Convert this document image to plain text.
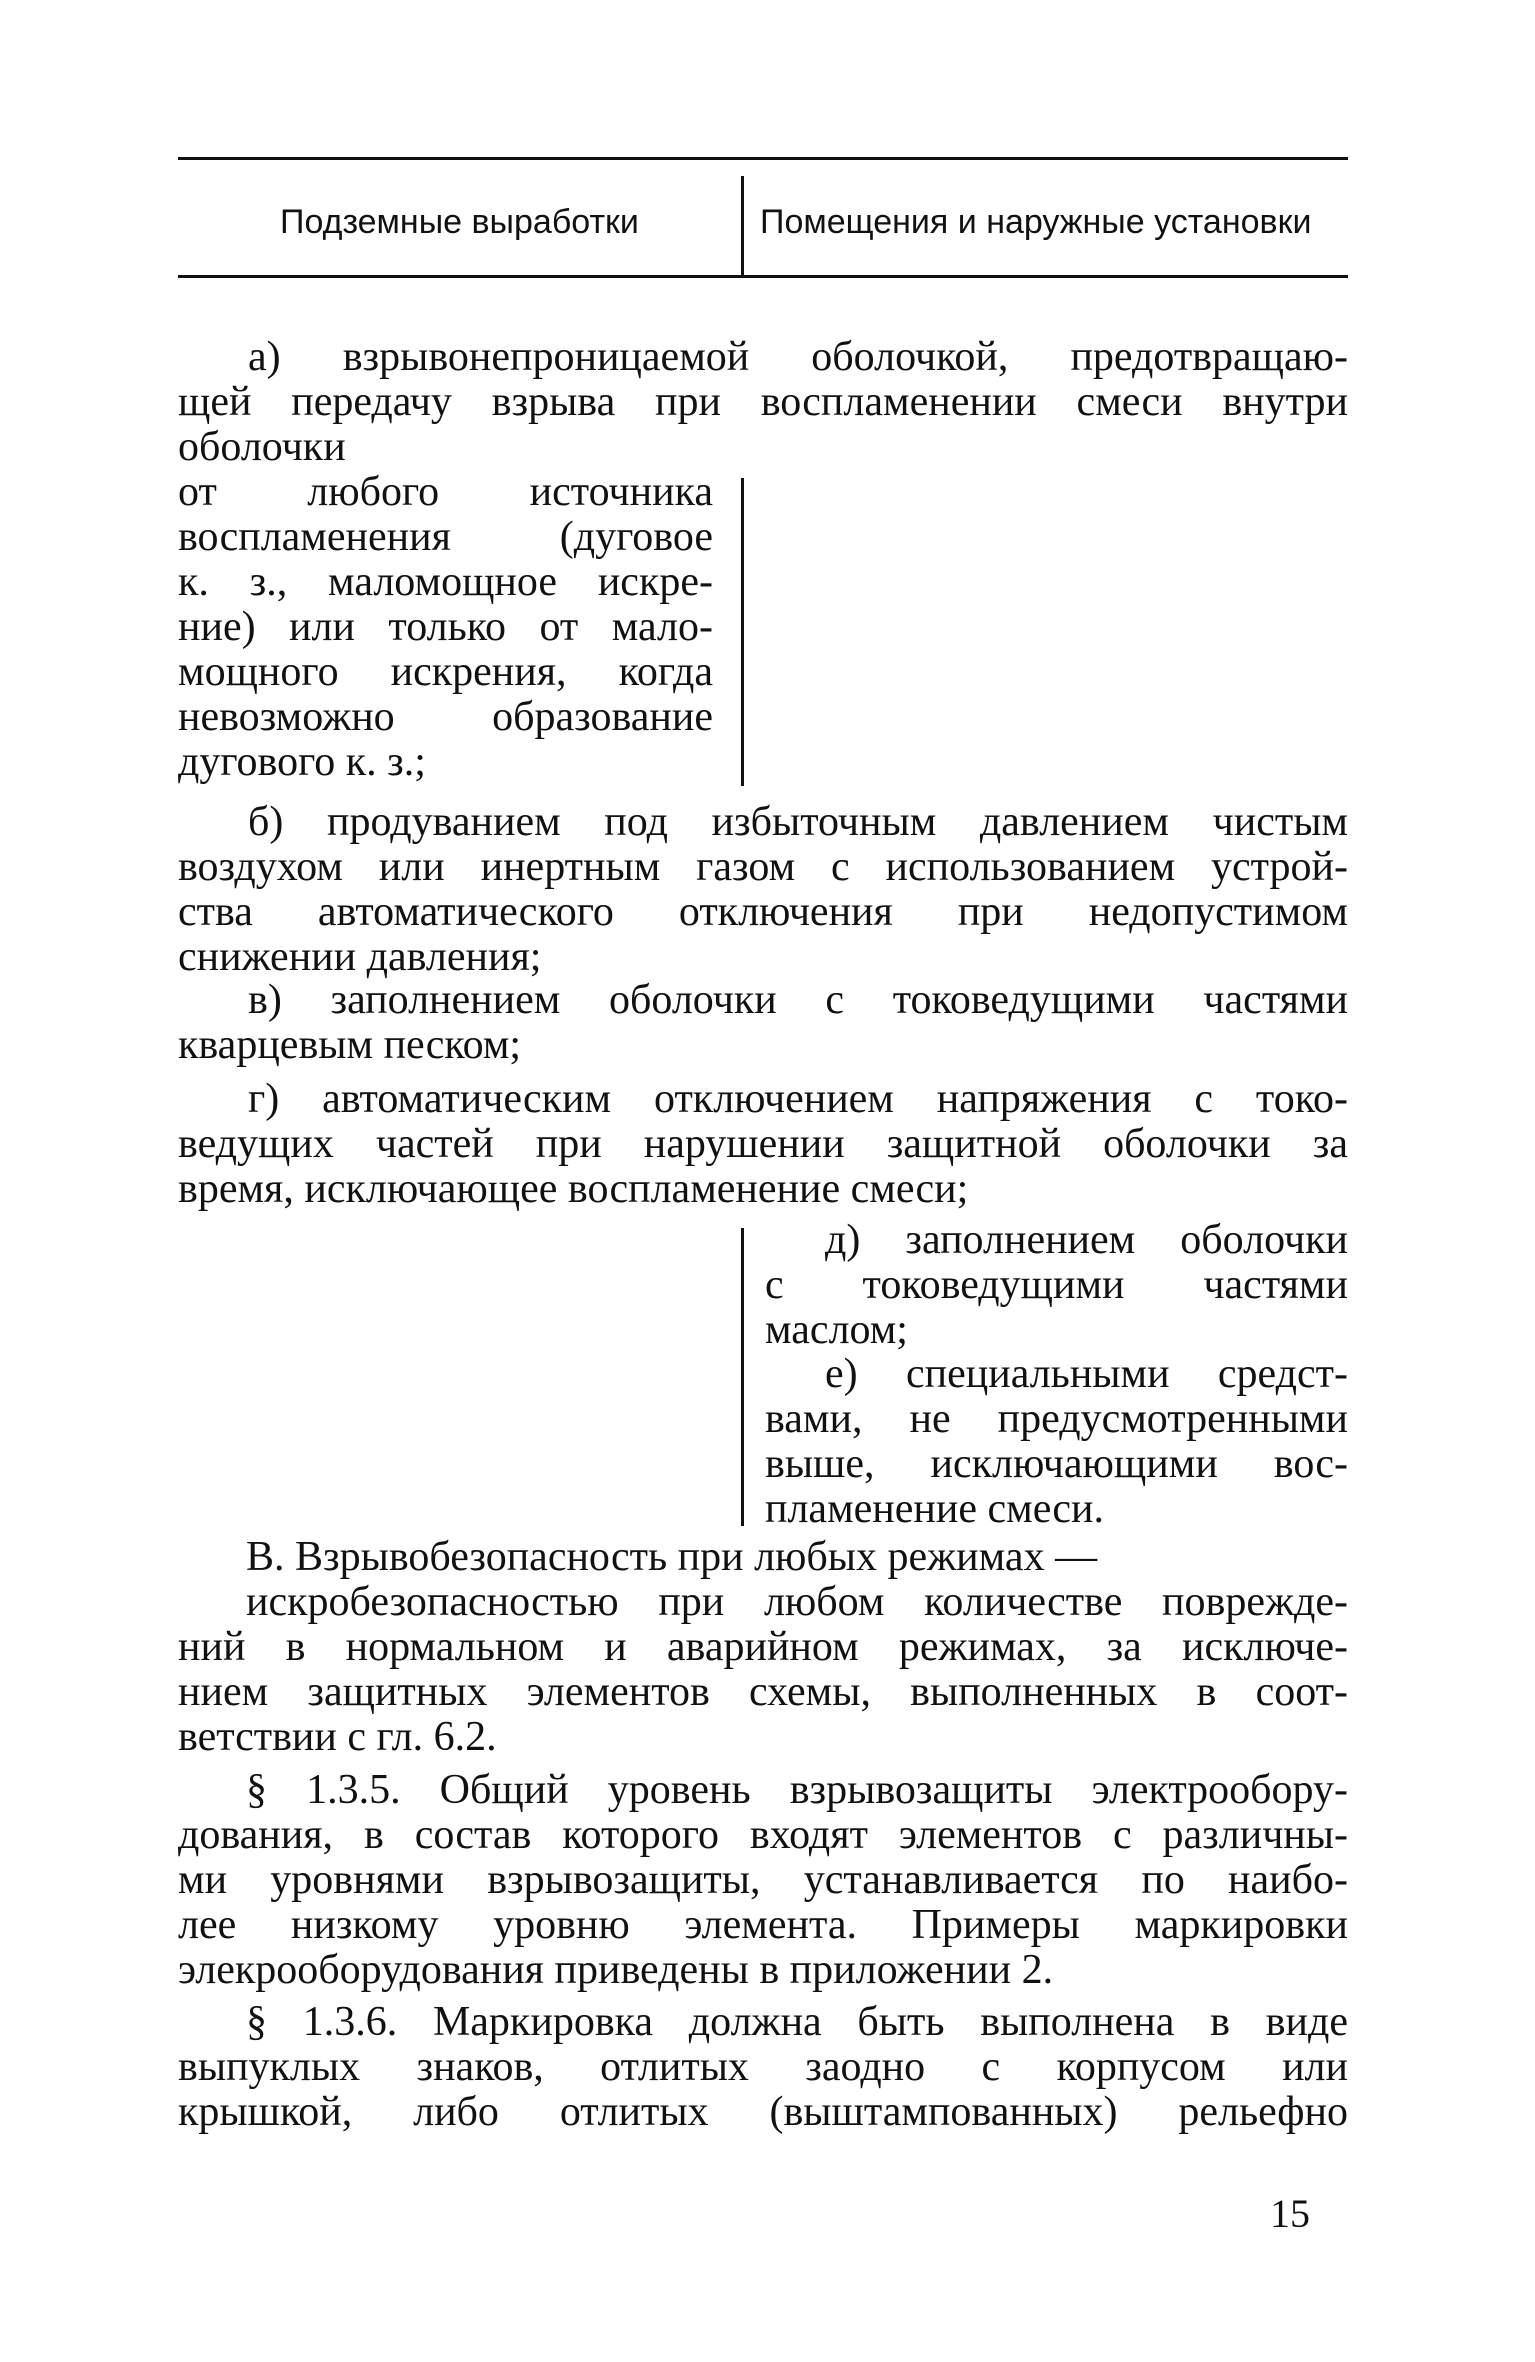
Подземные выработки	Помещения и наружные установки
а) взрывонепроницаемой оболочкой, предотвращаю-
щей передачу взрыва при воспламенении смеси внутри
оболочки
от любого источника
воспламенения (дуговое
к. з., маломощное искре-
ние) или только от мало-
мощного искрения, когда
невозможно образование
дугового к. з.;
б) продуванием под избыточным давлением чистым
воздухом или инертным газом с использованием устрой-
ства автоматического отключения при недопустимом
снижении давления;
в) заполнением оболочки с токоведущими частями
кварцевым песком;
г) автоматическим отключением напряжения с токо-
ведущих частей при нарушении защитной оболочки за
время, исключающее воспламенение смеси;
д) заполнением оболочки
с токоведущими частями
маслом;
е) специальными средст-
вами, не предусмотренными
выше, исключающими вос-
пламенение смеси.
В. Взрывобезопасность при любых режимах —
искробезопасностью при любом количестве поврежде-
ний в нормальном и аварийном режимах, за исключе-
нием защитных элементов схемы, выполненных в соот-
ветствии с гл. 6.2.
§ 1.3.5. Общий уровень взрывозащиты электрообору-
дования, в состав которого входят элементов с различны-
ми уровнями взрывозащиты, устанавливается по наибо-
лее низкому уровню элемента. Примеры маркировки
элекрооборудования приведены в приложении 2.
§ 1.3.6. Маркировка должна быть выполнена в виде
выпуклых знаков, отлитых заодно с корпусом или
крышкой, либо отлитых (выштампованных) рельефно
15
